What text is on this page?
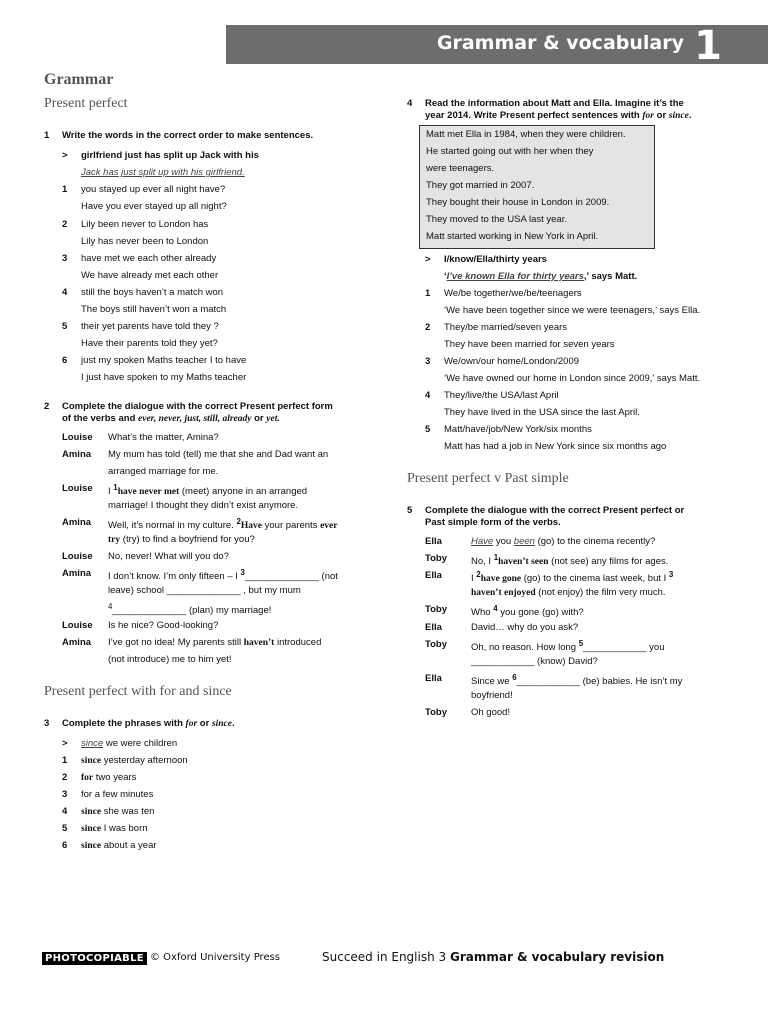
Grammar & vocabulary 1
Grammar
Present perfect
1 Write the words in the correct order to make sentences.
> girlfriend just has split up Jack with his
Jack has just split up with his girlfriend.
1 you stayed up ever all night have?
Have you ever stayed up all night?
2 Lily been never to London has
Lily has never been to London
3 have met we each other already
We have already met each other
4 still the boys haven’t a match won
The boys still haven’t won a match
5 their yet parents have told they ?
Have their parents told they yet?
6 just my spoken Maths teacher I to have
I just have spoken to my Maths teacher
2 Complete the dialogue with the correct Present perfect form
of the verbs and ever, never, just, still, already or yet.
Louise What’s the matter, Amina?
Amina My mum has told (tell) me that she and Dad want an
arranged marriage for me.
Louise I $^1$have never met (meet) anyone in an arranged
marriage! I thought they didn’t exist anymore.
Amina Well, it’s normal in my culture. $^2$Have your parents ever
try (try) to find a boyfriend for you?
Louise No, never! What will you do?
Amina I don’t know. I’m only fifteen – I $^3$______________ (not
leave) school ______________ , but my mum
$^4$______________ (plan) my marriage!
Louise Is he nice? Good-looking?
Amina I’ve got no idea! My parents still haven’t introduced
(not introduce) me to him yet!
Present perfect with for and since
3 Complete the phrases with for or since.
> since we were children
1 since yesterday afternoon
2 for two years
3 for a few minutes
4 since she was ten
5 since I was born
6 since about a year
4 Read the information about Matt and Ella. Imagine it’s the
year 2014. Write Present perfect sentences with for or since.
Matt met Ella in 1984, when they were children.
He started going out with her when they
were teenagers.
They got married in 2007.
They bought their house in London in 2009.
They moved to the USA last year.
Matt started working in New York in April.
> I/know/Ella/thirty years
‘I’ve known Ella for thirty years,’ says Matt.
1 We/be together/we/be/teenagers
‘We have been together since we were teenagers,’ says Ella.
2 They/be married/seven years
They have been married for seven years
3 We/own/our home/London/2009
‘We have owned our home in London since 2009,’ says Matt.
4 They/live/the USA/last April
They have lived in the USA since the last April.
5 Matt/have/job/New York/six months
Matt has had a job in New York since six months ago
Present perfect v Past simple
5 Complete the dialogue with the correct Present perfect or
Past simple form of the verbs.
Ella	Have you been (go) to the cinema recently?
Toby	No, I $^1$haven’t seen (not see) any films for ages.
Ella	I $^2$have gone (go) to the cinema last week, but I $^3$
haven’t enjoyed (not enjoy) the film very much.
Toby	Who $^4$ you gone (go) with?
Ella	David… why do you ask?
Toby	Oh, no reason. How long $^5$____________ you
____________ (know) David?
Ella	Since we $^6$____________ (be) babies. He isn’t my
boyfriend!
Toby	Oh good!
PHOTOCOPIABLE © Oxford University Press	Succeed in English 3 Grammar & vocabulary revision
